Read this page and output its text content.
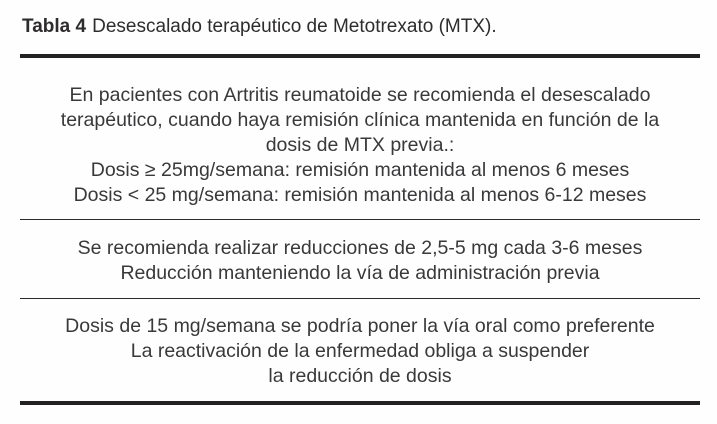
Tabla 4 Desescalado terapéutico de Metotrexato (MTX).

En pacientes con Artritis reumatoide se recomienda el desescalado
terapéutico, cuando haya remisión clínica mantenida en función de la
dosis de MTX previa.:
Dosis ≥ 25mg/semana: remisión mantenida al menos 6 meses
Dosis < 25 mg/semana: remisión mantenida al menos 6-12 meses
Se recomienda realizar reducciones de 2,5-5 mg cada 3-6 meses
Reducción manteniendo la vía de administración previa
Dosis de 15 mg/semana se podría poner la vía oral como preferente
La reactivación de la enfermedad obliga a suspender
la reducción de dosis
